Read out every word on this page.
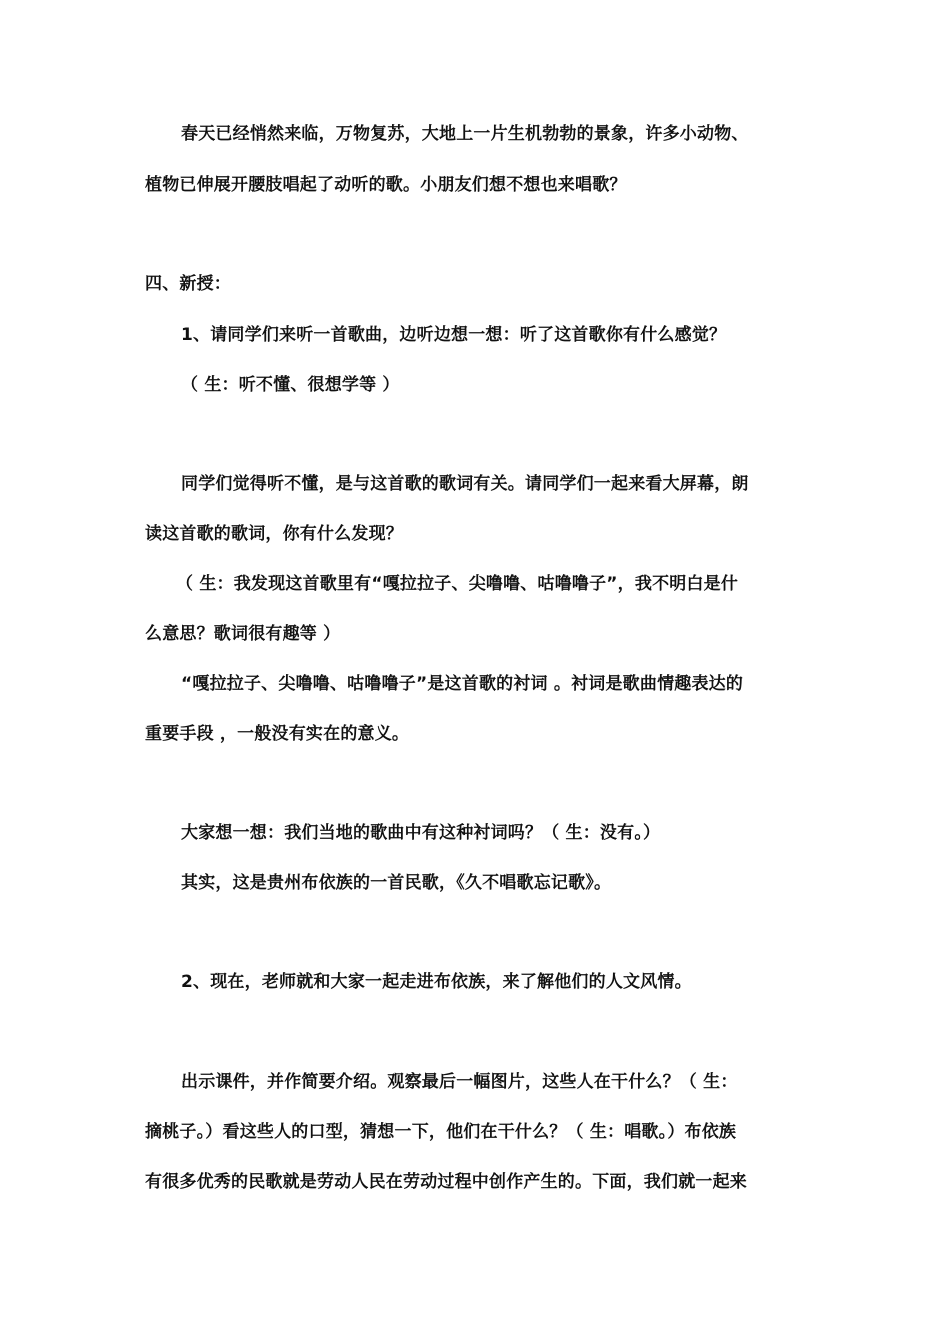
春天已经悄然来临，万物复苏，大地上一片生机勃勃的景象，许多小动物、
植物已伸展开腰肢唱起了动听的歌。小朋友们想不想也来唱歌？
四、新授：
1、请同学们来听一首歌曲，边听边想一想：听了这首歌你有什么感觉？
（ 生：听不懂、很想学等 ）
同学们觉得听不懂，是与这首歌的歌词有关。请同学们一起来看大屏幕，朗
读这首歌的歌词，你有什么发现？
（ 生：我发现这首歌里有“嘎拉拉子、尖噜噜、咕噜噜子”，我不明白是什
么意思？歌词很有趣等 ）
“嘎拉拉子、尖噜噜、咕噜噜子”是这首歌的衬词 。衬词是歌曲情趣表达的
重要手段 ，一般没有实在的意义。
大家想一想：我们当地的歌曲中有这种衬词吗？（ 生：没有。）
其实，这是贵州布依族的一首民歌，《久不唱歌忘记歌》。
2、现在，老师就和大家一起走进布依族，来了解他们的人文风情。
出示课件，并作简要介绍。观察最后一幅图片，这些人在干什么？（ 生：
摘桃子。）看这些人的口型，猜想一下，他们在干什么？（ 生：唱歌。）布依族
有很多优秀的民歌就是劳动人民在劳动过程中创作产生的。下面，我们就一起来
